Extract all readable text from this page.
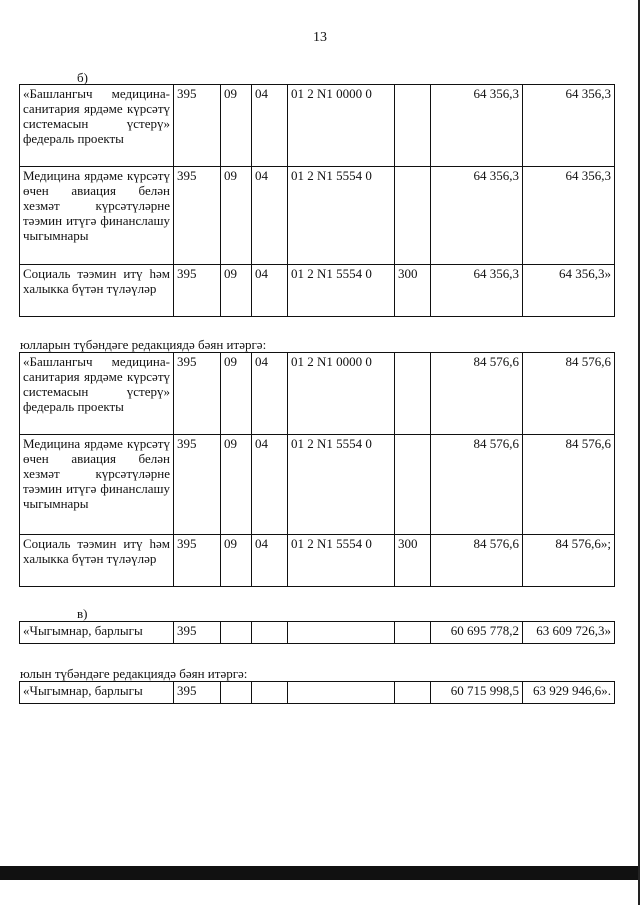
13
б)
«Башлангыч медицина-санитария ярдәме күрсәтү системасын үстерү» федераль проекты	395	09	04	01 2 N1 0000 0		64 356,3	64 356,3
Медицина ярдәме күрсәтү өчен авиация белән хезмәт күрсәтүләрне тәэмин итүгә финанслашу чыгымнары	395	09	04	01 2 N1 5554 0		64 356,3	64 356,3
Социаль тәэмин итү һәм халыкка бүтән түләүләр	395	09	04	01 2 N1 5554 0	300	64 356,3	64 356,3»
юлларын түбәндәге редакциядә бәян итәргә:
«Башлангыч медицина-санитария ярдәме күрсәтү системасын үстерү» федераль проекты	395	09	04	01 2 N1 0000 0		84 576,6	84 576,6
Медицина ярдәме күрсәтү өчен авиация белән хезмәт күрсәтүләрне тәэмин итүгә финанслашу чыгымнары	395	09	04	01 2 N1 5554 0		84 576,6	84 576,6
Социаль тәэмин итү һәм халыкка бүтән түләүләр	395	09	04	01 2 N1 5554 0	300	84 576,6	84 576,6»;
в)
«Чыгымнар, барлыгы	395					60 695 778,2	63 609 726,3»
юлын түбәндәге редакциядә бәян итәргә:
«Чыгымнар, барлыгы	395					60 715 998,5	63 929 946,6».
